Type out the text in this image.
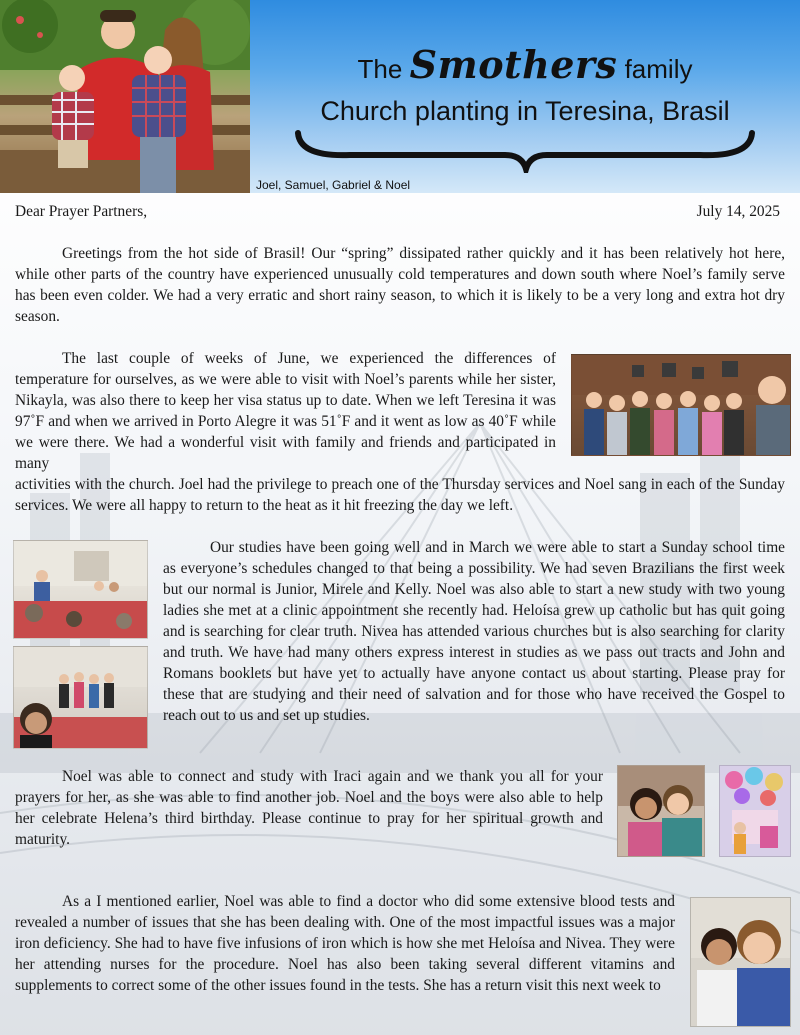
The Smothers family
Church planting in Teresina, Brasil
Joel, Samuel, Gabriel & Noel
Dear Prayer Partners,	July 14, 2025

Greetings from the hot side of Brasil! Our “spring” dissipated rather quickly and it has been relatively hot here, while other parts of the country have experienced unusually cold temperatures and down south where Noel’s family serve has been even colder. We had a very erratic and short rainy season, to which it is likely to be a very long and extra hot dry season.

The last couple of weeks of June, we experienced the differences of temperature for ourselves, as we were able to visit with Noel’s parents while her sister, Nikayla, was also there to keep her visa status up to date. When we left Teresina it was 97˚F and when we arrived in Porto Alegre it was 51˚F and it went as low as 40˚F while we were there. We had a wonderful visit with family and friends and participated in many

activities with the church. Joel had the privilege to preach one of the Thursday services and Noel sang in each of the Sunday services. We were all happy to return to the heat as it hit freezing the day we left.

Our studies have been going well and in March we were able to start a Sunday school time as everyone’s schedules changed to that being a possibility. We had seven Brazilians the first week but our normal is Junior, Mirele and Kelly. Noel was also able to start a new study with two young ladies she met at a clinic appointment she recently had. Heloísa grew up catholic but has quit going and is searching for clear truth. Nivea has attended various churches but is also searching for clarity and truth. We have had many others express interest in studies as we pass out tracts and John and Romans booklets but have yet to actually have anyone contact us about starting. Please pray for these that are studying and their need of salvation and for those who have received the Gospel to reach out to us and set up studies.

Noel was able to connect and study with Iraci again and we thank you all for your prayers for her, as she was able to find another job. Noel and the boys were also able to help her celebrate Helena’s third birthday. Please continue to pray for her spiritual growth and maturity.

As a I mentioned earlier, Noel was able to find a doctor who did some extensive blood tests and revealed a number of issues that she has been dealing with. One of the most impactful issues was a major iron deficiency. She had to have five infusions of iron which is how she met Heloísa and Nivea. They were her attending nurses for the procedure. Noel has also been taking several different vitamins and supplements to correct some of the other issues found in the tests. She has a return visit this next week to
